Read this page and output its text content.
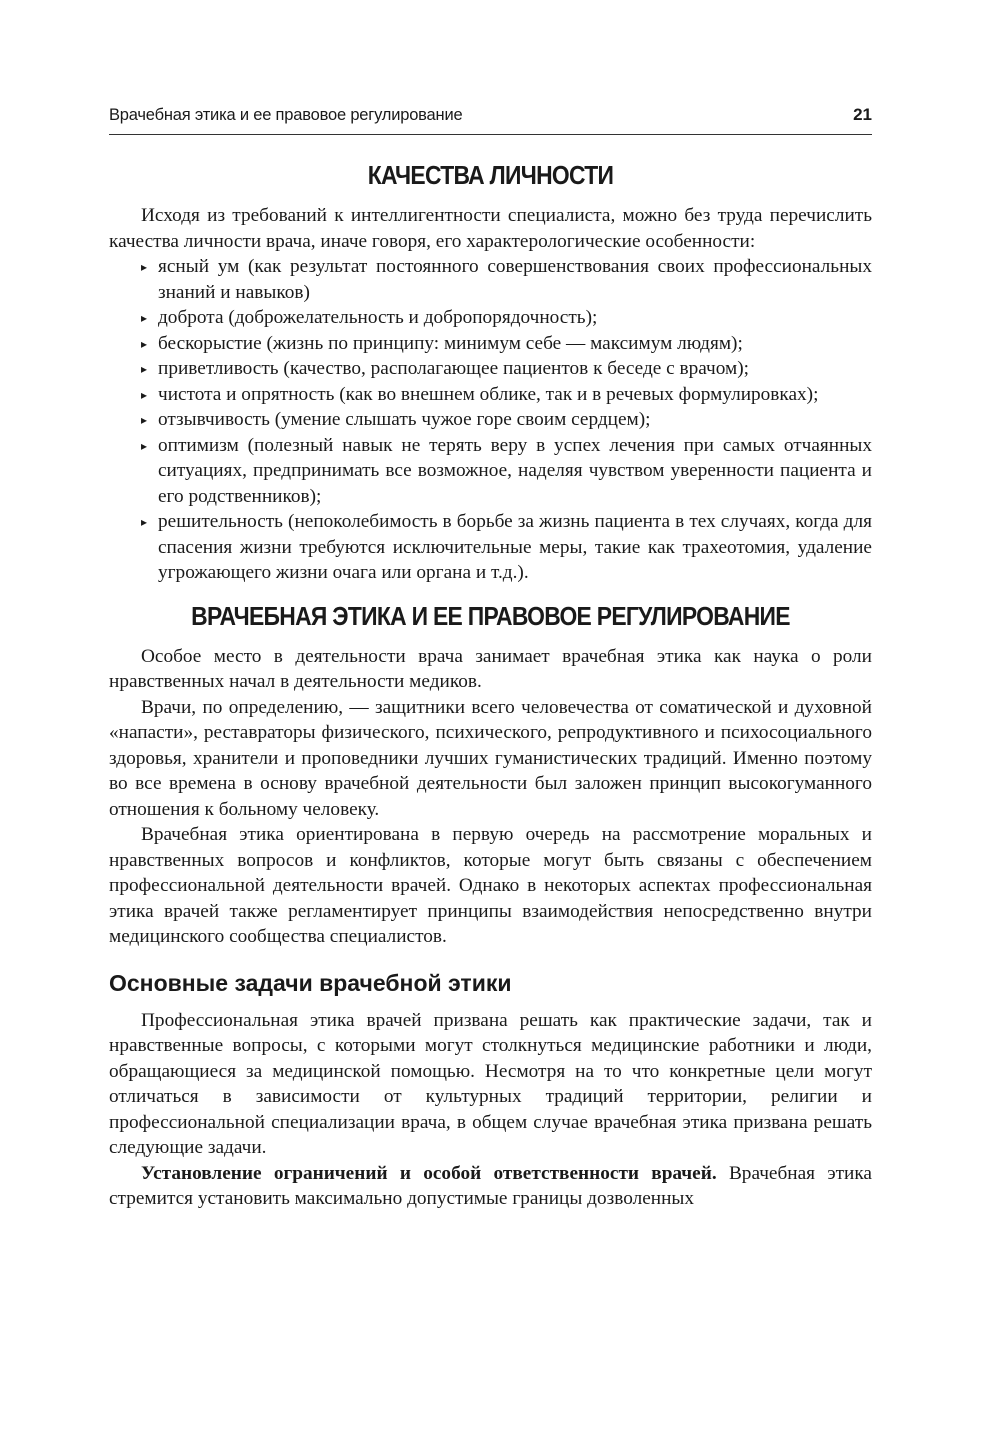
Врачебная этика и ее правовое регулирование	21
КАЧЕСТВА ЛИЧНОСТИ

Исходя из требований к интеллигентности специалиста, можно без труда перечислить качества личности врача, иначе говоря, его характерологические особенности:

▸ ясный ум (как результат постоянного совершенствования своих профессиональных знаний и навыков)
▸ доброта (доброжелательность и добропорядочность);
▸ бескорыстие (жизнь по принципу: минимум себе — максимум людям);
▸ приветливость (качество, располагающее пациентов к беседе с врачом);
▸ чистота и опрятность (как во внешнем облике, так и в речевых формулировках);
▸ отзывчивость (умение слышать чужое горе своим сердцем);
▸ оптимизм (полезный навык не терять веру в успех лечения при самых отчаянных ситуациях, предпринимать все возможное, наделяя чувством уверенности пациента и его родственников);
▸ решительность (непоколебимость в борьбе за жизнь пациента в тех случаях, когда для спасения жизни требуются исключительные меры, такие как трахеотомия, удаление угрожающего жизни очага или органа и т.д.).
ВРАЧЕБНАЯ ЭТИКА И ЕЕ ПРАВОВОЕ РЕГУЛИРОВАНИЕ

Особое место в деятельности врача занимает врачебная этика как наука о роли нравственных начал в деятельности медиков.

Врачи, по определению, — защитники всего человечества от соматической и духовной «напасти», реставраторы физического, психического, репродуктивного и психосоциального здоровья, хранители и проповедники лучших гуманистических традиций. Именно поэтому во все времена в основу врачебной деятельности был заложен принцип высокогуманного отношения к больному человеку.

Врачебная этика ориентирована в первую очередь на рассмотрение моральных и нравственных вопросов и конфликтов, которые могут быть связаны с обеспечением профессиональной деятельности врачей. Однако в некоторых аспектах профессиональная этика врачей также регламентирует принципы взаимодействия непосредственно внутри медицинского сообщества специалистов.

Основные задачи врачебной этики

Профессиональная этика врачей призвана решать как практические задачи, так и нравственные вопросы, с которыми могут столкнуться медицинские работники и люди, обращающиеся за медицинской помощью. Несмотря на то что конкретные цели могут отличаться в зависимости от культурных традиций территории, религии и профессиональной специализации врача, в общем случае врачебная этика призвана решать следующие задачи.

Установление ограничений и особой ответственности врачей. Врачебная этика стремится установить максимально допустимые границы дозволенных
